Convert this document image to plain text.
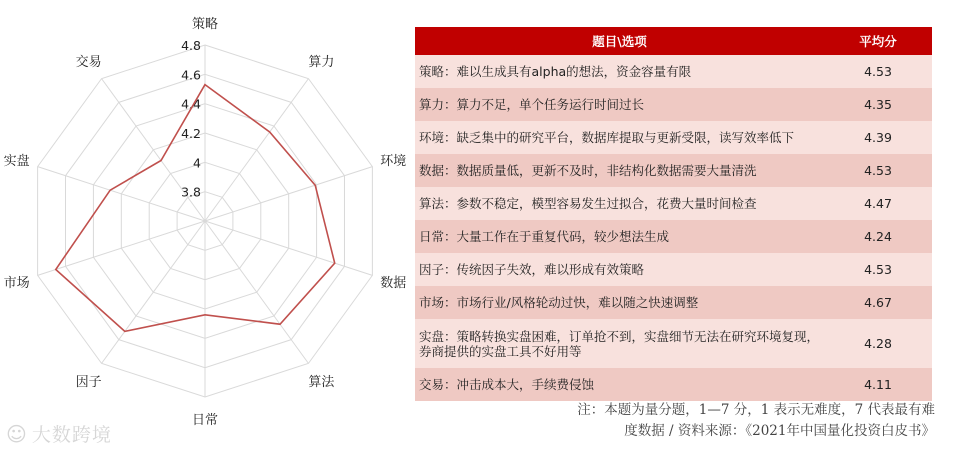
3.8
4
4.2
4.4
4.6
4.8
策略
算力
环境
数据
算法
日常
因子
市场
实盘
交易
☺ 大数跨境
题目\选项	平均分
策略：难以生成具有alpha的想法，资金容量有限	4.53
算力：算力不足，单个任务运行时间过长	4.35
环境：缺乏集中的研究平台，数据库提取与更新受限，读写效率低下	4.39
数据：数据质量低，更新不及时，非结构化数据需要大量清洗	4.53
算法：参数不稳定，模型容易发生过拟合，花费大量时间检查	4.47
日常：大量工作在于重复代码，较少想法生成	4.24
因子：传统因子失效，难以形成有效策略	4.53
市场：市场行业/风格轮动过快，难以随之快速调整	4.67
实盘：策略转换实盘困难，订单抢不到，实盘细节无法在研究环境复现，券商提供的实盘工具不好用等	4.28
交易：冲击成本大，手续费侵蚀	4.11
注：本题为量分题，1—7 分，1 表示无难度，7 代表最有难
度数据 / 资料来源：《2021年中国量化投资白皮书》
